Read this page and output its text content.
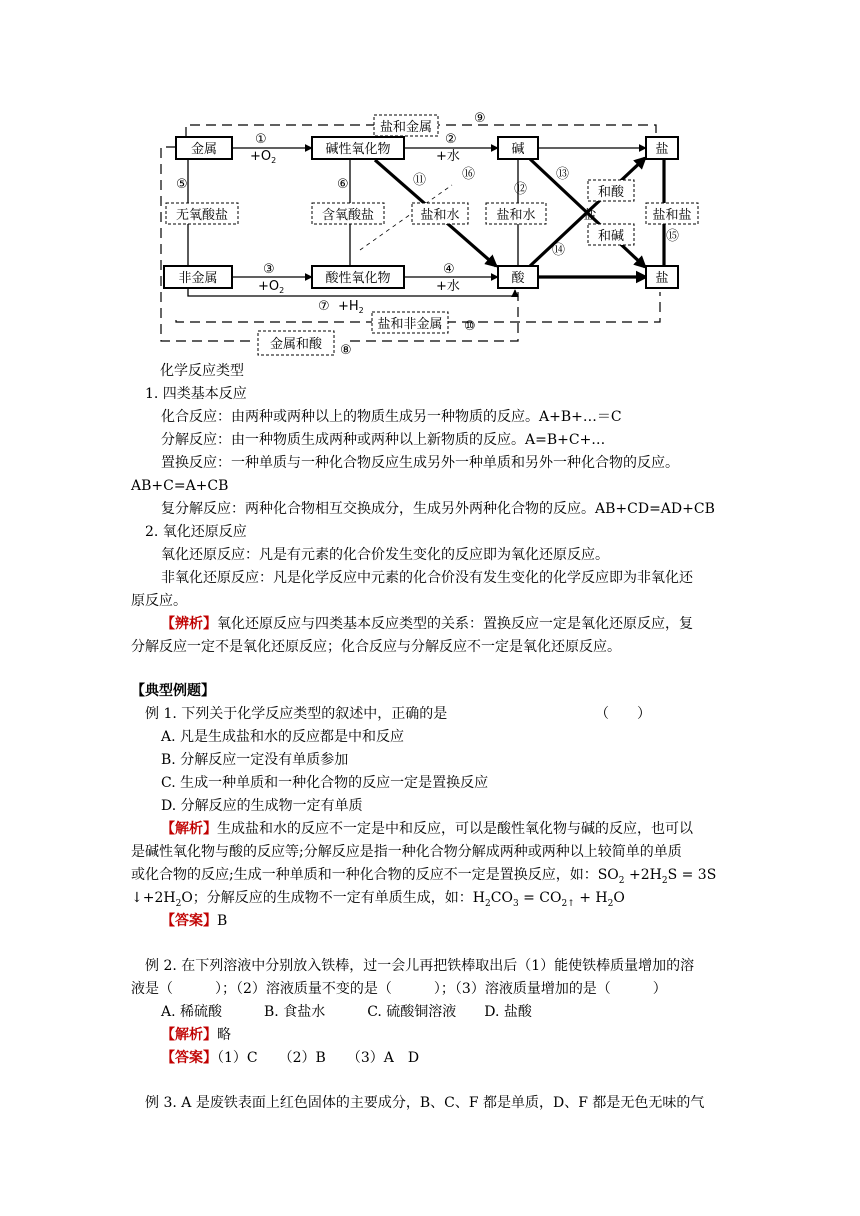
金属	碱性氧化物	碱	盐
非金属	酸性氧化物	酸	盐
无氧酸盐	含氧酸盐	盐和水	盐和水
和酸
和碱
盐和盐
盐和金属
盐和非金属
金属和酸
盐
$+O_2$	+水
$+O_2$	+水
$+H_2$
①	②
③	④
⑤	⑥
⑦
⑧
⑨
⑩
⑪
⑫
⑬
⑭
⑮
⑯
化学反应类型
1. 四类基本反应
化合反应：由两种或两种以上的物质生成另一种物质的反应。A+B+…＝C
分解反应：由一种物质生成两种或两种以上新物质的反应。A=B+C+…
置换反应：一种单质与一种化合物反应生成另外一种单质和另外一种化合物的反应。
AB+C=A+CB
复分解反应：两种化合物相互交换成分，生成另外两种化合物的反应。AB+CD=AD+CB
2. 氧化还原反应
氧化还原反应：凡是有元素的化合价发生变化的反应即为氧化还原反应。
非氧化还原反应：凡是化学反应中元素的化合价没有发生变化的化学反应即为非氧化还
原反应。
【辨析】氧化还原反应与四类基本反应类型的关系：置换反应一定是氧化还原反应，复
分解反应一定不是氧化还原反应；化合反应与分解反应不一定是氧化还原反应。
【典型例题】
例 1. 下列关于化学反应类型的叙述中，正确的是	（　　）
A. 凡是生成盐和水的反应都是中和反应
B. 分解反应一定没有单质参加
C. 生成一种单质和一种化合物的反应一定是置换反应
D. 分解反应的生成物一定有单质
【解析】生成盐和水的反应不一定是中和反应，可以是酸性氧化物与碱的反应，也可以
是碱性氧化物与酸的反应等;分解反应是指一种化合物分解成两种或两种以上较简单的单质
或化合物的反应;生成一种单质和一种化合物的反应不一定是置换反应，如：$SO_2 +2H_2S = 3S$
$↓+2H_2O$；分解反应的生成物不一定有单质生成，如：$H_2CO_3 = CO_{2↑} + H_2O$
【答案】B
例 2. 在下列溶液中分别放入铁棒，过一会儿再把铁棒取出后（1）能使铁棒质量增加的溶
液是（　　　）；（2）溶液质量不变的是（　　　）；（3）溶液质量增加的是（　　　）
A. 稀硫酸　　　B. 食盐水　　　C. 硫酸铜溶液　　D. 盐酸
【解析】略
【答案】（1）C　　（2）B　　（3）A　D
例 3. A 是废铁表面上红色固体的主要成分，B、C、F 都是单质，D、F 都是无色无味的气
